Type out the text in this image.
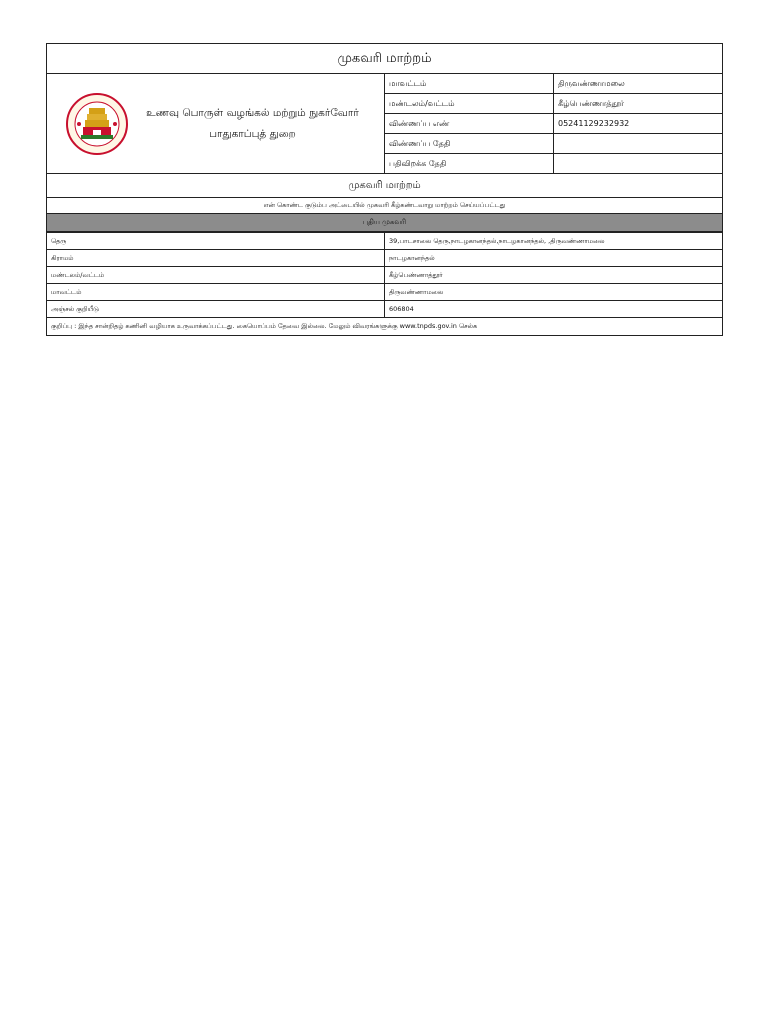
முகவரி மாற்றம்		

உணவு பொருள் வழங்கல் மற்றும் நுகர்வோர்
பாதுகாப்புத் துறை	மாவட்டம்	திருவண்ணாமலை
	மண்டலம்/வட்டம்	கீழ்பெண்ணாத்தூர்
	விண்ணப்ப எண்	05241129232932
	விண்ணப்ப தேதி	
	பதிவிறக்க தேதி	
முகவரி மாற்றம்		
என் கொண்ட குடும்ப அட்டையில் முகவரி கீழ்கண்டவாறு மாற்றம் செய்யப்பட்டது		
புதிய முகவரி		
தெரு	39,பாடசாலை தெரு,நாடழகானந்தல்,நாடழகானந்தல், ,திருவண்ணாமலை
கிராமம்	நாடழகானந்தல்
மண்டலம்/வட்டம்	கீழ்பெண்ணாத்தூர்
மாவட்டம்	திருவண்ணாமலை
அஞ்சல் குறியீடு	606804
குறிப்பு : இந்த சான்றிதழ் கணினி வழியாக உருவாக்கப்பட்டது. கையொப்பம் தேவை இல்லை. மேலும் விவரங்களுக்கு www.tnpds.gov.in செல்க	
